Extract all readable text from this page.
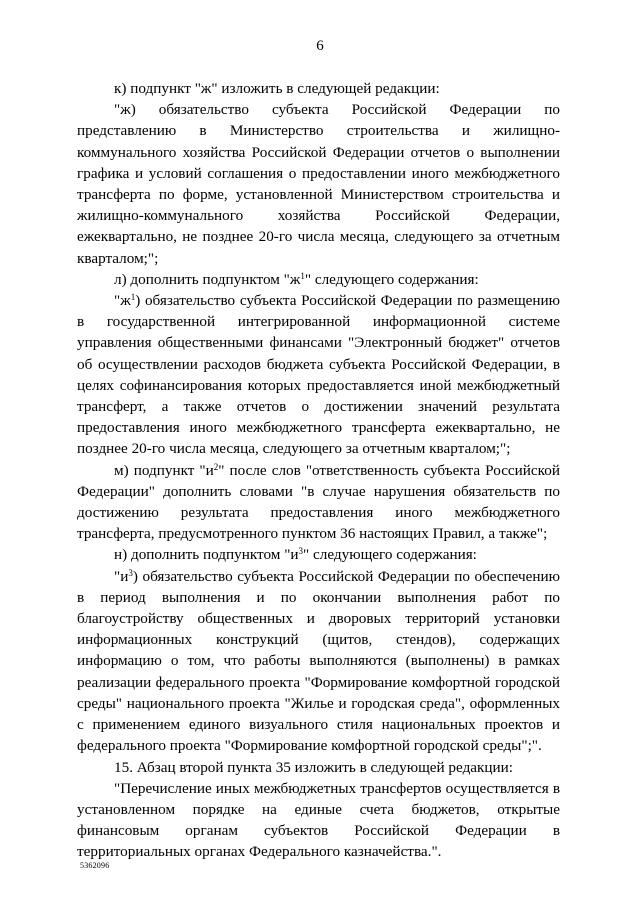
6
к) подпункт "ж" изложить в следующей редакции:
"ж) обязательство субъекта Российской Федерации по представлению в Министерство строительства и жилищно-коммунального хозяйства Российской Федерации отчетов о выполнении графика и условий соглашения о предоставлении иного межбюджетного трансферта по форме, установленной Министерством строительства и жилищно-коммунального хозяйства Российской Федерации, ежеквартально, не позднее 20-го числа месяца, следующего за отчетным кварталом;";
л) дополнить подпунктом "$ж^1$" следующего содержания:
"$ж^1$) обязательство субъекта Российской Федерации по размещению в государственной интегрированной информационной системе управления общественными финансами "Электронный бюджет" отчетов об осуществлении расходов бюджета субъекта Российской Федерации, в целях софинансирования которых предоставляется иной межбюджетный трансферт, а также отчетов о достижении значений результата предоставления иного межбюджетного трансферта ежеквартально, не позднее 20-го числа месяца, следующего за отчетным кварталом;";
м) подпункт "$и^2$" после слов "ответственность субъекта Российской Федерации" дополнить словами "в случае нарушения обязательств по достижению результата предоставления иного межбюджетного трансферта, предусмотренного пунктом 36 настоящих Правил, а также";
н) дополнить подпунктом "$и^3$" следующего содержания:
"$и^3$) обязательство субъекта Российской Федерации по обеспечению в период выполнения и по окончании выполнения работ по благоустройству общественных и дворовых территорий установки информационных конструкций (щитов, стендов), содержащих информацию о том, что работы выполняются (выполнены) в рамках реализации федерального проекта "Формирование комфортной городской среды" национального проекта "Жилье и городская среда", оформленных с применением единого визуального стиля национальных проектов и федерального проекта "Формирование комфортной городской среды";".
15. Абзац второй пункта 35 изложить в следующей редакции:
"Перечисление иных межбюджетных трансфертов осуществляется в установленном порядке на единые счета бюджетов, открытые финансовым органам субъектов Российской Федерации в территориальных органах Федерального казначейства.".
5362096
